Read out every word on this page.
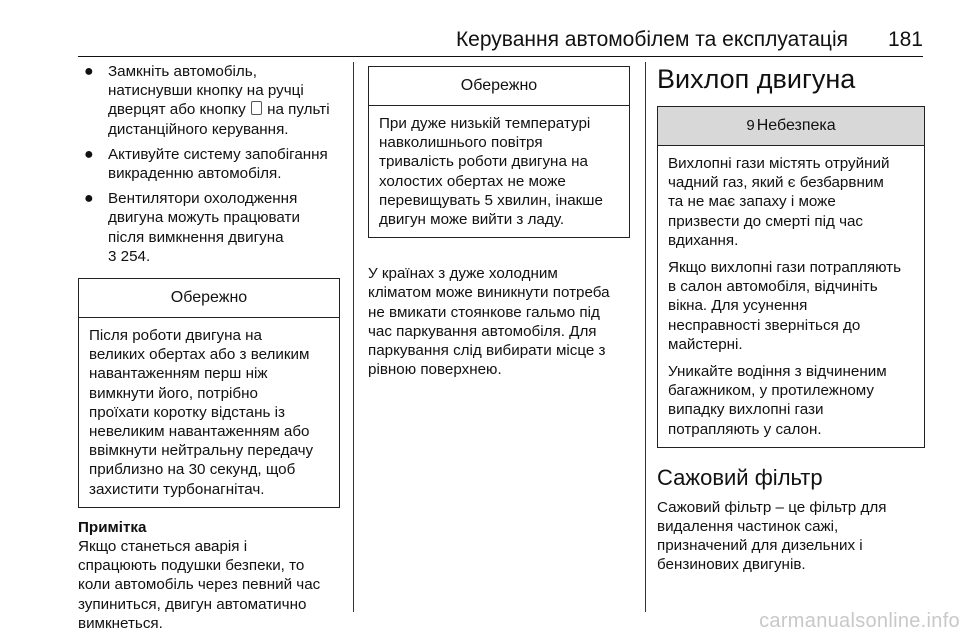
Керування автомобілем та експлуатація 181
● Замкніть автомобіль,
натиснувши кнопку на ручці
дверцят або кнопку  на пульті
дистанційного керування.
● Активуйте систему запобігання
викраденню автомобіля.
● Вентилятори охолодження
двигуна можуть працювати
після вимкнення двигуна
3 254.
Обережно

Після роботи двигуна на
великих обертах або з великим
навантаженням перш ніж
вимкнути його, потрібно
проїхати коротку відстань із
невеликим навантаженням або
ввімкнути нейтральну передачу
приблизно на 30 секунд, щоб
захистити турбонагнітач.

Примітка

Якщо станеться аварія і
спрацюють подушки безпеки, то
коли автомобіль через певний час
зупиниться, двигун автоматично
вимкнеться.

Обережно

При дуже низькій температурі
навколишнього повітря
тривалість роботи двигуна на
холостих обертах не може
перевищувать 5 хвилин, інакше
двигун може вийти з ладу.

У країнах з дуже холодним
кліматом може виникнути потреба
не вмикати стоянкове гальмо під
час паркування автомобіля. Для
паркування слід вибирати місце з
рівною поверхнею.

Вихлоп двигуна
9 Небезпека

Вихлопні гази містять отруйний
чадний газ, який є безбарвним
та не має запаху і може
призвести до смерті під час
вдихання.

Якщо вихлопні гази потрапляють
в салон автомобіля, відчиніть
вікна. Для усунення
несправності зверніться до
майстерні.

Уникайте водіння з відчиненим
багажником, у протилежному
випадку вихлопні гази
потрапляють у салон.

Сажовий фільтр

Сажовий фільтр – це фільтр для
видалення частинок сажі,
призначений для дизельних і
бензинових двигунів.

carmanualsonline.info
